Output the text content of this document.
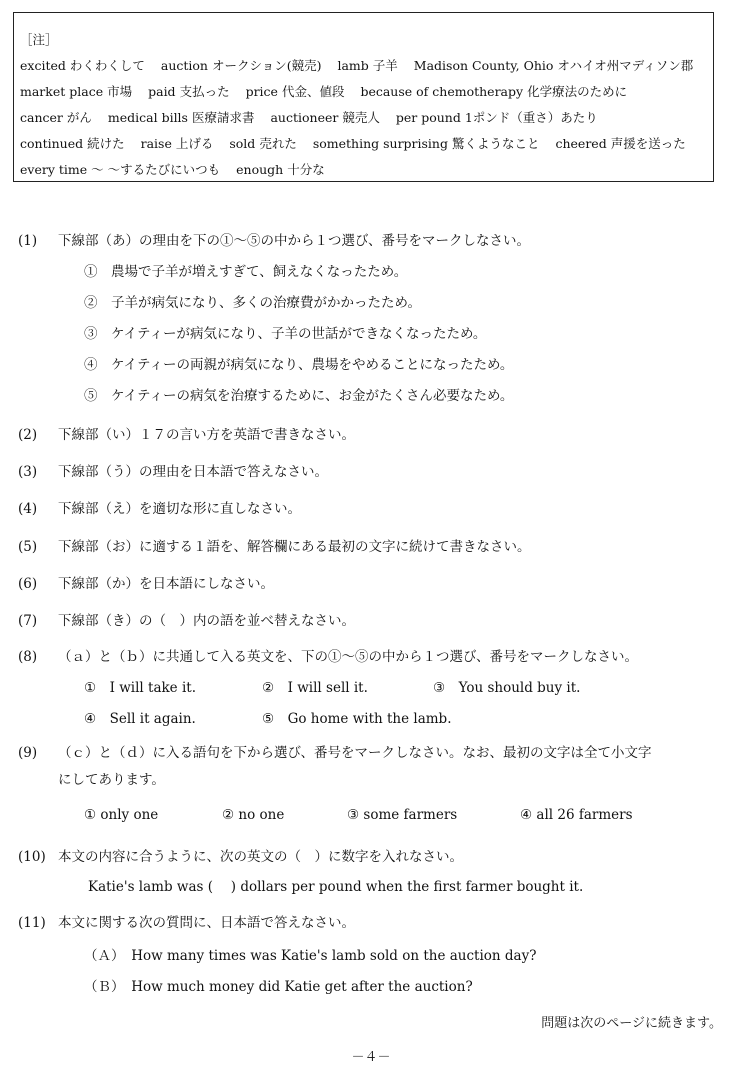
［注］
excited わくわくして auction オークション(競売) lamb 子羊 Madison County, Ohio オハイオ州マディソン郡
market place 市場 paid 支払った price 代金、値段 because of chemotherapy 化学療法のために
cancer がん medical bills 医療請求書 auctioneer 競売人 per pound 1ポンド（重さ）あたり
continued 続けた raise 上げる sold 売れた something surprising 驚くようなこと cheered 声援を送った
every time ～ ～するたびにいつも enough 十分な
(1) 下線部（あ）の理由を下の①～⑤の中から１つ選び、番号をマークしなさい。
①　農場で子羊が増えすぎて、飼えなくなったため。
②　子羊が病気になり、多くの治療費がかかったため。
③　ケイティーが病気になり、子羊の世話ができなくなったため。
④　ケイティーの両親が病気になり、農場をやめることになったため。
⑤　ケイティーの病気を治療するために、お金がたくさん必要なため。
(2) 下線部（い）１７の言い方を英語で書きなさい。
(3) 下線部（う）の理由を日本語で答えなさい。
(4) 下線部（え）を適切な形に直しなさい。
(5) 下線部（お）に適する１語を、解答欄にある最初の文字に続けて書きなさい。
(6) 下線部（か）を日本語にしなさい。
(7) 下線部（き）の（　）内の語を並べ替えなさい。
(8) （ａ）と（ｂ）に共通して入る英文を、下の①～⑤の中から１つ選び、番号をマークしなさい。
①　I will take it.	②　I will sell it.	③　You should buy it.
④　Sell it again.	⑤　Go home with the lamb.
(9) （ｃ）と（ｄ）に入る語句を下から選び、番号をマークしなさい。なお、最初の文字は全て小文字
にしてあります。
① only one	② no one	③ some farmers	④ all 26 farmers
(10) 本文の内容に合うように、次の英文の（　）に数字を入れなさい。
Katie's lamb was (　 ) dollars per pound when the first farmer bought it.
(11) 本文に関する次の質問に、日本語で答えなさい。
（Ａ）　How many times was Katie's lamb sold on the auction day?
（Ｂ）　How much money did Katie get after the auction?
問題は次のページに続きます。
－４－
